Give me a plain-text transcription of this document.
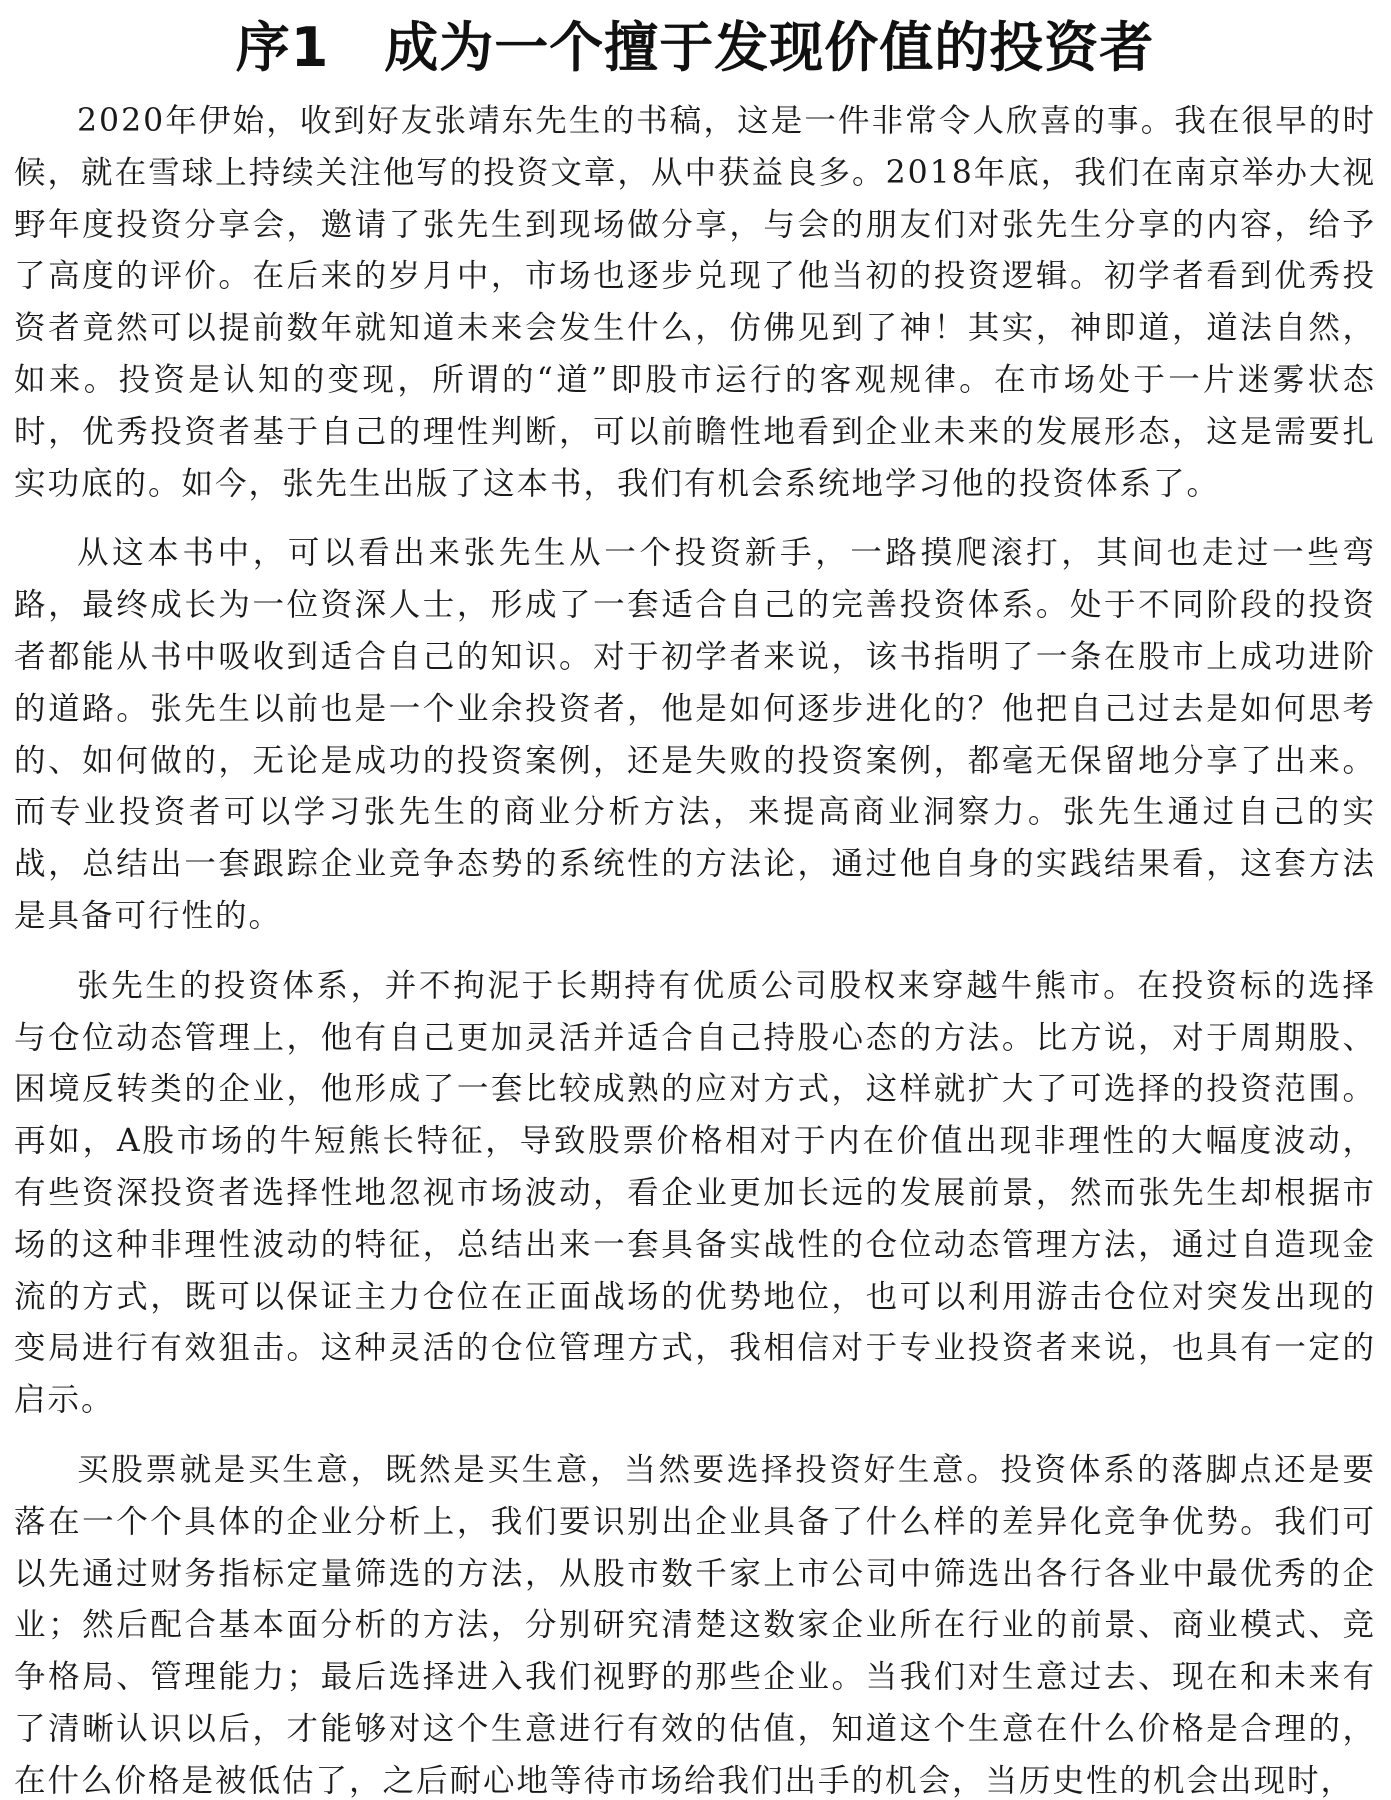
序1　成为一个擅于发现价值的投资者

2020年伊始，收到好友张靖东先生的书稿，这是一件非常令人欣喜的事。我在很早的时候，就在雪球上持续关注他写的投资文章，从中获益良多。2018年底，我们在南京举办大视野年度投资分享会，邀请了张先生到现场做分享，与会的朋友们对张先生分享的内容，给予了高度的评价。在后来的岁月中，市场也逐步兑现了他当初的投资逻辑。初学者看到优秀投资者竟然可以提前数年就知道未来会发生什么，仿佛见到了神！其实，神即道，道法自然，如来。投资是认知的变现，所谓的“道”即股市运行的客观规律。在市场处于一片迷雾状态时，优秀投资者基于自己的理性判断，可以前瞻性地看到企业未来的发展形态，这是需要扎实功底的。如今，张先生出版了这本书，我们有机会系统地学习他的投资体系了。

从这本书中，可以看出来张先生从一个投资新手，一路摸爬滚打，其间也走过一些弯路，最终成长为一位资深人士，形成了一套适合自己的完善投资体系。处于不同阶段的投资者都能从书中吸收到适合自己的知识。对于初学者来说，该书指明了一条在股市上成功进阶的道路。张先生以前也是一个业余投资者，他是如何逐步进化的？他把自己过去是如何思考的、如何做的，无论是成功的投资案例，还是失败的投资案例，都毫无保留地分享了出来。而专业投资者可以学习张先生的商业分析方法，来提高商业洞察力。张先生通过自己的实战，总结出一套跟踪企业竞争态势的系统性的方法论，通过他自身的实践结果看，这套方法是具备可行性的。

张先生的投资体系，并不拘泥于长期持有优质公司股权来穿越牛熊市。在投资标的选择与仓位动态管理上，他有自己更加灵活并适合自己持股心态的方法。比方说，对于周期股、困境反转类的企业，他形成了一套比较成熟的应对方式，这样就扩大了可选择的投资范围。再如，A股市场的牛短熊长特征，导致股票价格相对于内在价值出现非理性的大幅度波动，有些资深投资者选择性地忽视市场波动，看企业更加长远的发展前景，然而张先生却根据市场的这种非理性波动的特征，总结出来一套具备实战性的仓位动态管理方法，通过自造现金流的方式，既可以保证主力仓位在正面战场的优势地位，也可以利用游击仓位对突发出现的变局进行有效狙击。这种灵活的仓位管理方式，我相信对于专业投资者来说，也具有一定的启示。

买股票就是买生意，既然是买生意，当然要选择投资好生意。投资体系的落脚点还是要落在一个个具体的企业分析上，我们要识别出企业具备了什么样的差异化竞争优势。我们可以先通过财务指标定量筛选的方法，从股市数千家上市公司中筛选出各行各业中最优秀的企业；然后配合基本面分析的方法，分别研究清楚这数家企业所在行业的前景、商业模式、竞争格局、管理能力；最后选择进入我们视野的那些企业。当我们对生意过去、现在和未来有了清晰认识以后，才能够对这个生意进行有效的估值，知道这个生意在什么价格是合理的，在什么价格是被低估了，之后耐心地等待市场给我们出手的机会，当历史性的机会出现时，
